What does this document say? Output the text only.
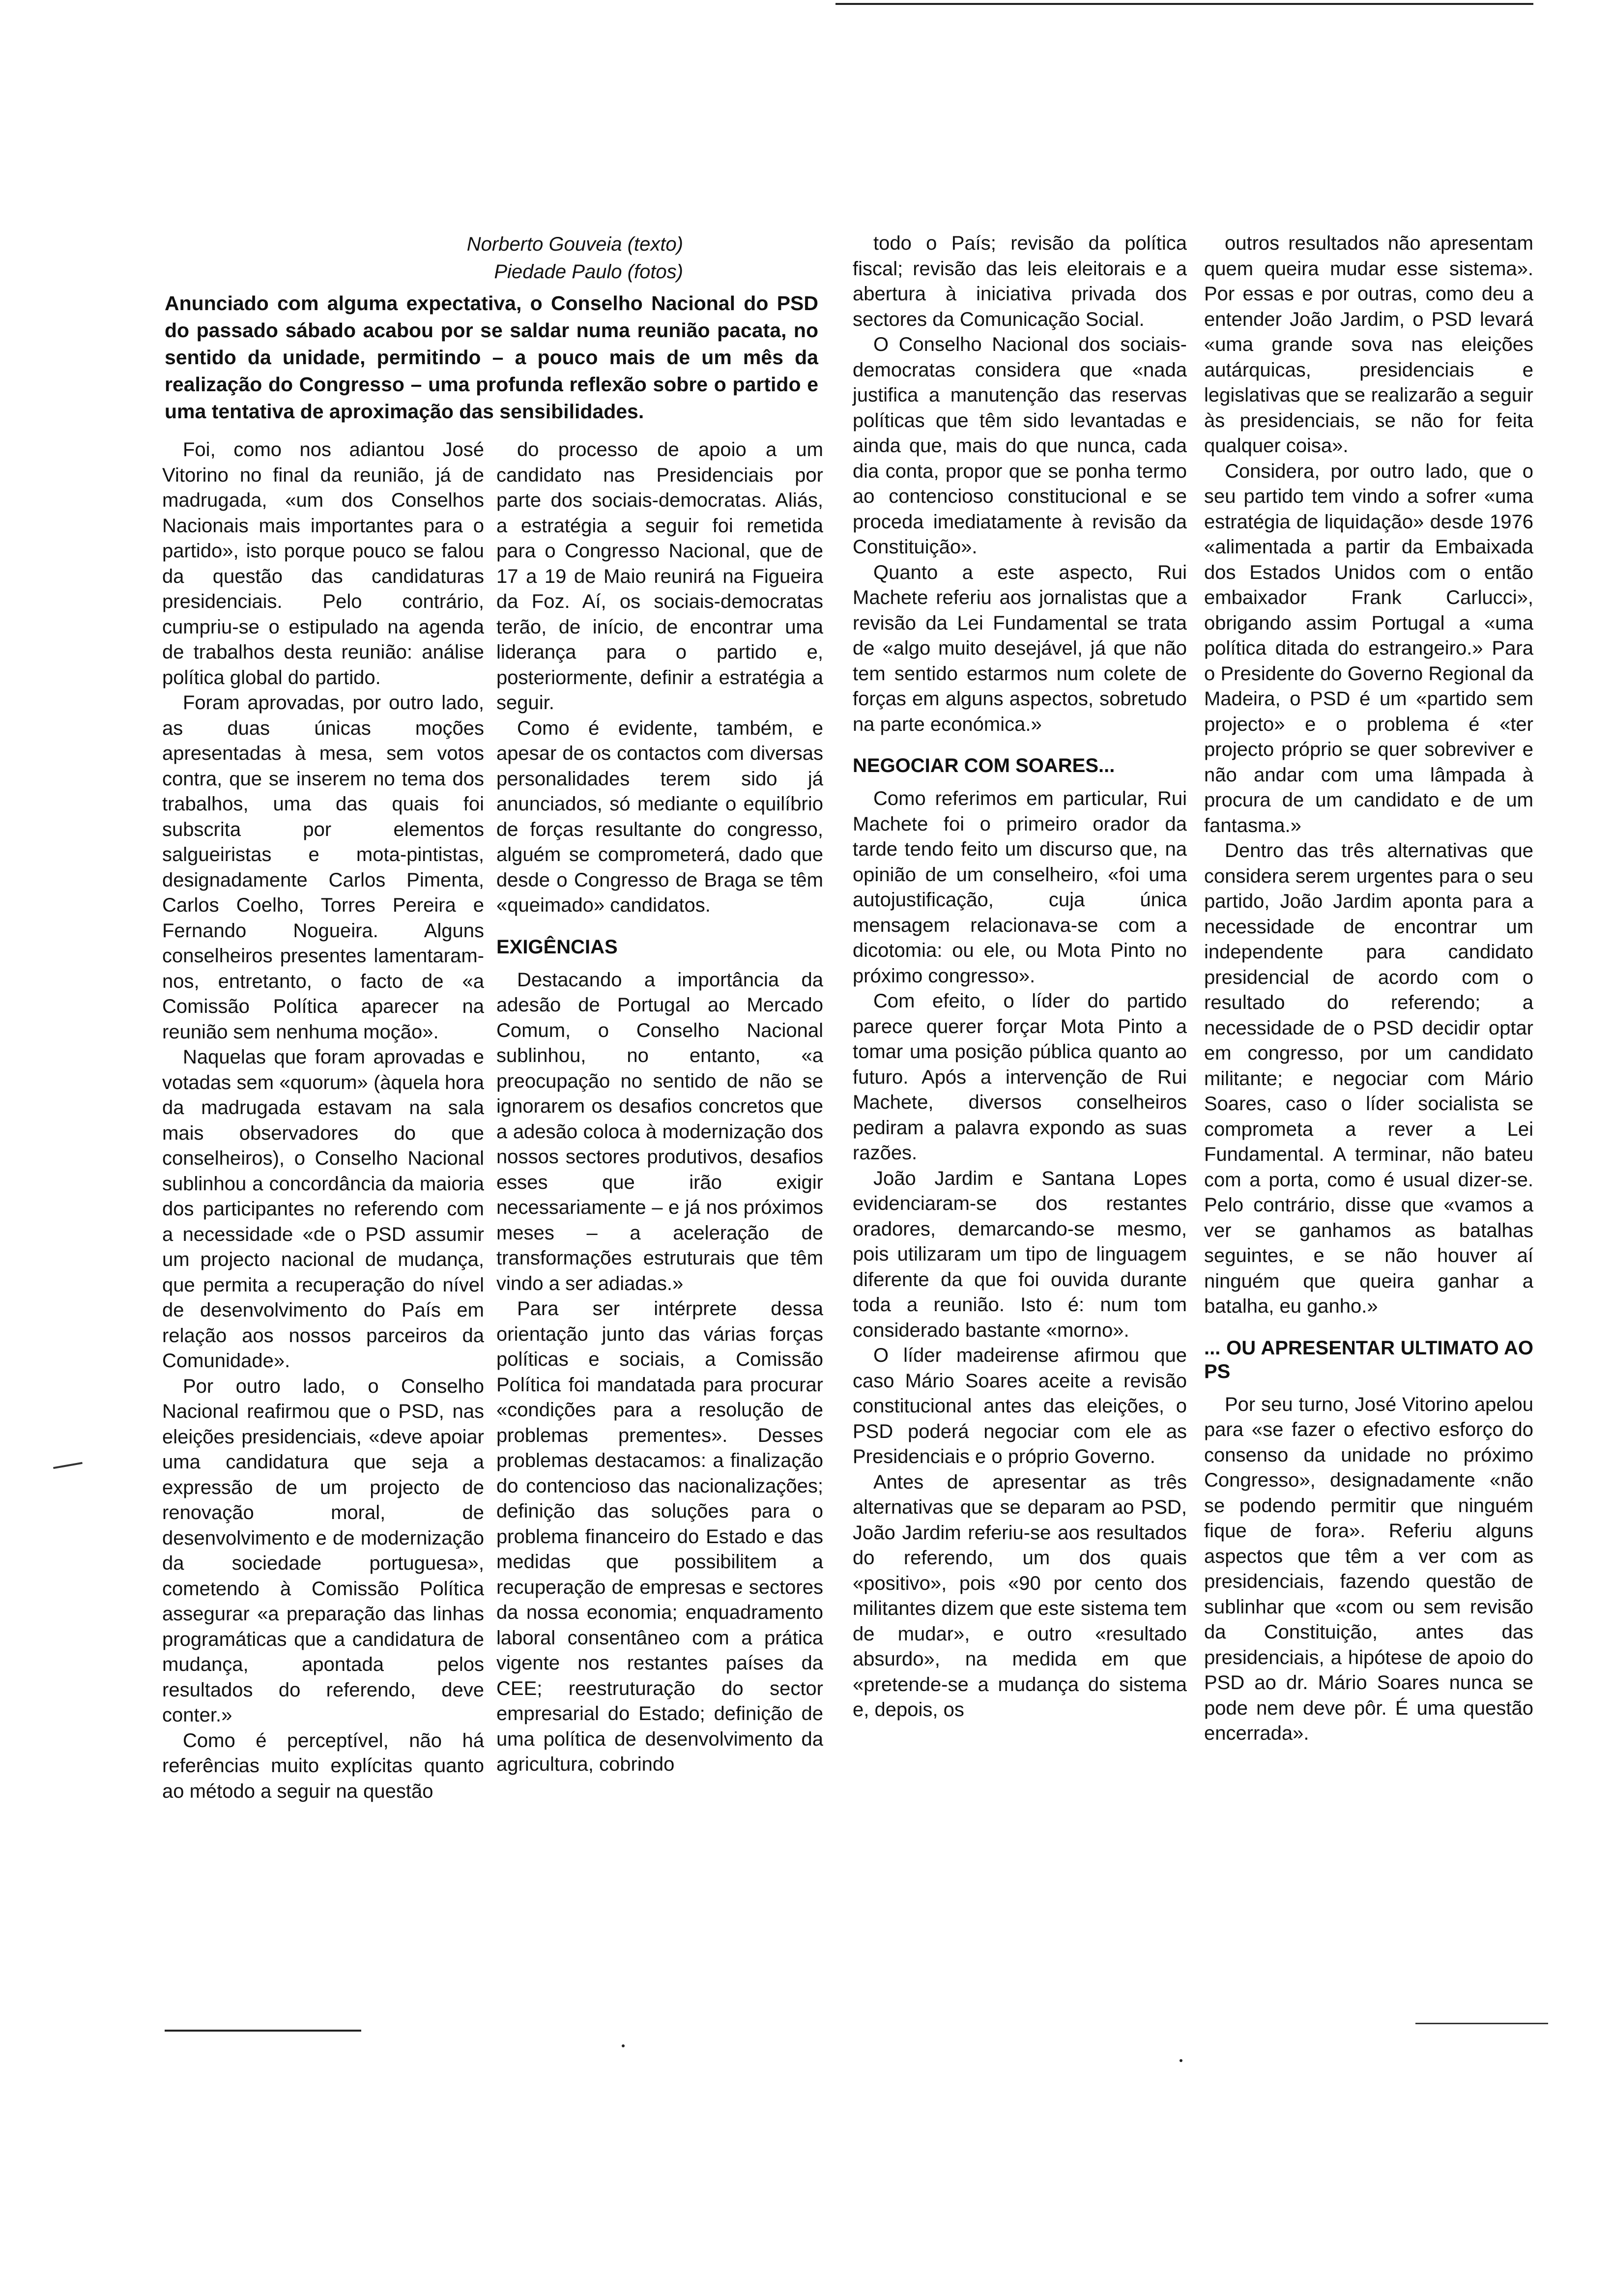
Norberto Gouveia (texto)
Piedade Paulo (fotos)
Anunciado com alguma expectativa, o Conselho Nacional do PSD do passado sábado acabou por se saldar numa reunião pacata, no sentido da unidade, permitindo – a pouco mais de um mês da realização do Congresso – uma profunda reflexão sobre o partido e uma tentativa de aproximação das sensibilidades.

Foi, como nos adiantou José Vitorino no final da reunião, já de madrugada, «um dos Conselhos Nacionais mais importantes para o partido», isto porque pouco se falou da questão das candidaturas presidenciais. Pelo contrário, cumpriu-se o estipulado na agenda de trabalhos desta reunião: análise política global do partido.

Foram aprovadas, por outro lado, as duas únicas moções apresentadas à mesa, sem votos contra, que se inserem no tema dos trabalhos, uma das quais foi subscrita por elementos salgueiristas e mota-pintistas, designadamente Carlos Pimenta, Carlos Coelho, Torres Pereira e Fernando Nogueira. Alguns conselheiros presentes lamentaram-nos, entretanto, o facto de «a Comissão Política aparecer na reunião sem nenhuma moção».

Naquelas que foram aprovadas e votadas sem «quorum» (àquela hora da madrugada estavam na sala mais observadores do que conselheiros), o Conselho Nacional sublinhou a concordância da maioria dos participantes no referendo com a necessidade «de o PSD assumir um projecto nacional de mudança, que permita a recuperação do nível de desenvolvimento do País em relação aos nossos parceiros da Comunidade».

Por outro lado, o Conselho Nacional reafirmou que o PSD, nas eleições presidenciais, «deve apoiar uma candidatura que seja a expressão de um projecto de renovação moral, de desenvolvimento e de modernização da sociedade portuguesa», cometendo à Comissão Política assegurar «a preparação das linhas programáticas que a candidatura de mudança, apontada pelos resultados do referendo, deve conter.»

Como é perceptível, não há referências muito explícitas quanto ao método a seguir na questão

do processo de apoio a um candidato nas Presidenciais por parte dos sociais-democratas. Aliás, a estratégia a seguir foi remetida para o Congresso Nacional, que de 17 a 19 de Maio reunirá na Figueira da Foz. Aí, os sociais-democratas terão, de início, de encontrar uma liderança para o partido e, posteriormente, definir a estratégia a seguir.

Como é evidente, também, e apesar de os contactos com diversas personalidades terem sido já anunciados, só mediante o equilíbrio de forças resultante do congresso, alguém se comprometerá, dado que desde o Congresso de Braga se têm «queimado» candidatos.

EXIGÊNCIAS

Destacando a importância da adesão de Portugal ao Mercado Comum, o Conselho Nacional sublinhou, no entanto, «a preocupação no sentido de não se ignorarem os desafios concretos que a adesão coloca à modernização dos nossos sectores produtivos, desafios esses que irão exigir necessariamente – e já nos próximos meses – a aceleração de transformações estruturais que têm vindo a ser adiadas.»

Para ser intérprete dessa orientação junto das várias forças políticas e sociais, a Comissão Política foi mandatada para procurar «condições para a resolução de problemas prementes». Desses problemas destacamos: a finalização do contencioso das nacionalizações; definição das soluções para o problema financeiro do Estado e das medidas que possibilitem a recuperação de empresas e sectores da nossa economia; enquadramento laboral consentâneo com a prática vigente nos restantes países da CEE; reestruturação do sector empresarial do Estado; definição de uma política de desenvolvimento da agricultura, cobrindo

todo o País; revisão da política fiscal; revisão das leis eleitorais e a abertura à iniciativa privada dos sectores da Comunicação Social.

O Conselho Nacional dos sociais-democratas considera que «nada justifica a manutenção das reservas políticas que têm sido levantadas e ainda que, mais do que nunca, cada dia conta, propor que se ponha termo ao contencioso constitucional e se proceda imediatamente à revisão da Constituição».

Quanto a este aspecto, Rui Machete referiu aos jornalistas que a revisão da Lei Fundamental se trata de «algo muito desejável, já que não tem sentido estarmos num colete de forças em alguns aspectos, sobretudo na parte económica.»

NEGOCIAR COM SOARES...

Como referimos em particular, Rui Machete foi o primeiro orador da tarde tendo feito um discurso que, na opinião de um conselheiro, «foi uma autojustificação, cuja única mensagem relacionava-se com a dicotomia: ou ele, ou Mota Pinto no próximo congresso».

Com efeito, o líder do partido parece querer forçar Mota Pinto a tomar uma posição pública quanto ao futuro. Após a intervenção de Rui Machete, diversos conselheiros pediram a palavra expondo as suas razões.

João Jardim e Santana Lopes evidenciaram-se dos restantes oradores, demarcando-se mesmo, pois utilizaram um tipo de linguagem diferente da que foi ouvida durante toda a reunião. Isto é: num tom considerado bastante «morno».

O líder madeirense afirmou que caso Mário Soares aceite a revisão constitucional antes das eleições, o PSD poderá negociar com ele as Presidenciais e o próprio Governo.

Antes de apresentar as três alternativas que se deparam ao PSD, João Jardim referiu-se aos resultados do referendo, um dos quais «positivo», pois «90 por cento dos militantes dizem que este sistema tem de mudar», e outro «resultado absurdo», na medida em que «pretende-se a mudança do sistema e, depois, os

outros resultados não apresentam quem queira mudar esse sistema». Por essas e por outras, como deu a entender João Jardim, o PSD levará «uma grande sova nas eleições autárquicas, presidenciais e legislativas que se realizarão a seguir às presidenciais, se não for feita qualquer coisa».

Considera, por outro lado, que o seu partido tem vindo a sofrer «uma estratégia de liquidação» desde 1976 «alimentada a partir da Embaixada dos Estados Unidos com o então embaixador Frank Carlucci», obrigando assim Portugal a «uma política ditada do estrangeiro.» Para o Presidente do Governo Regional da Madeira, o PSD é um «partido sem projecto» e o problema é «ter projecto próprio se quer sobreviver e não andar com uma lâmpada à procura de um candidato e de um fantasma.»

Dentro das três alternativas que considera serem urgentes para o seu partido, João Jardim aponta para a necessidade de encontrar um independente para candidato presidencial de acordo com o resultado do referendo; a necessidade de o PSD decidir optar em congresso, por um candidato militante; e negociar com Mário Soares, caso o líder socialista se comprometa a rever a Lei Fundamental. A terminar, não bateu com a porta, como é usual dizer-se. Pelo contrário, disse que «vamos a ver se ganhamos as batalhas seguintes, e se não houver aí ninguém que queira ganhar a batalha, eu ganho.»

... OU APRESENTAR ULTIMATO AO PS

Por seu turno, José Vitorino apelou para «se fazer o efectivo esforço do consenso da unidade no próximo Congresso», designadamente «não se podendo permitir que ninguém fique de fora». Referiu alguns aspectos que têm a ver com as presidenciais, fazendo questão de sublinhar que «com ou sem revisão da Constituição, antes das presidenciais, a hipótese de apoio do PSD ao dr. Mário Soares nunca se pode nem deve pôr. É uma questão encerrada».
